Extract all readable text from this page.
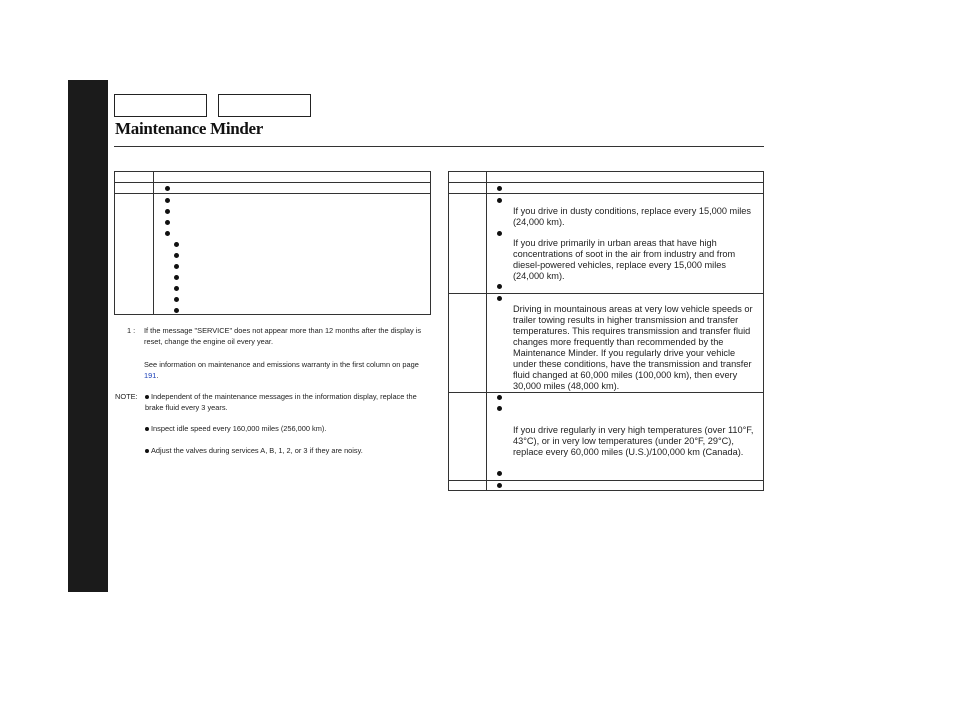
Maintenance Minder

If you drive in dusty conditions, replace every 15,000 miles (24,000 km).

If you drive primarily in urban areas that have high concentrations of soot in the air from industry and from diesel-powered vehicles, replace every 15,000 miles (24,000 km).

Driving in mountainous areas at very low vehicle speeds or trailer towing results in higher transmission and transfer temperatures. This requires transmission and transfer fluid changes more frequently than recommended by the Maintenance Minder. If you regularly drive your vehicle under these conditions, have the transmission and transfer fluid changed at 60,000 miles (100,000 km), then every 30,000 miles (48,000 km).

If you drive regularly in very high temperatures (over 110°F, 43°C), or in very low temperatures (under 20°F, 29°C), replace every 60,000 miles (U.S.)/100,000 km (Canada).

1 : If the message "SERVICE" does not appear more than 12 months after the display is reset, change the engine oil every year.

See information on maintenance and emissions warranty in the first column on page 191.

NOTE:	Independent of the maintenance messages in the information display, replace the brake fluid every 3 years.

Inspect idle speed every 160,000 miles (256,000 km).

Adjust the valves during services A, B, 1, 2, or 3 if they are noisy.
